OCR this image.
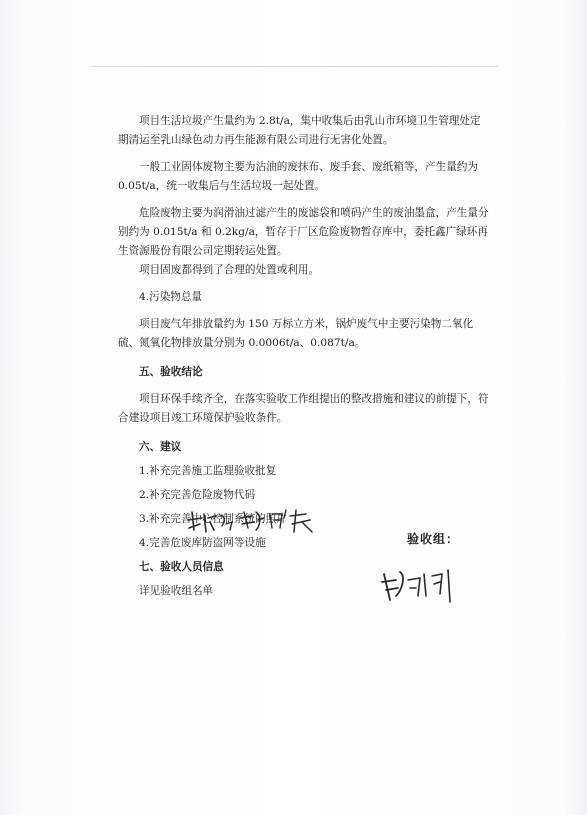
项目生活垃圾产生量约为 2.8t/a，集中收集后由乳山市环境卫生管理处定期清运至乳山绿色动力再生能源有限公司进行无害化处置。

一般工业固体废物主要为沾油的废抹布、废手套、废纸箱等，产生量约为 0.05t/a，统一收集后与生活垃圾一起处置。

危险废物主要为润滑油过滤产生的废滤袋和喷码产生的废油墨盒，产生量分别约为 0.015t/a 和 0.2kg/a，暂存于厂区危险废物暂存库中，委托鑫广绿环再生资源股份有限公司定期转运处置。

项目固废都得到了合理的处置或利用。

4.污染物总量

项目废气年排放量约为 150 万标立方米，锅炉废气中主要污染物二氧化硫、氮氧化物排放量分别为 0.0006t/a、0.087t/a。

五、验收结论

项目环保手续齐全，在落实验收工作组提出的整改措施和建议的前提下，符合建设项目竣工环境保护验收条件。

六、建议

1.补充完善施工监理验收批复

2.补充完善危险废物代码

3.补充完善中心控制系统的照片

4.完善危废库防盗网等设施

七、验收人员信息

详见验收组名单

验收组：
